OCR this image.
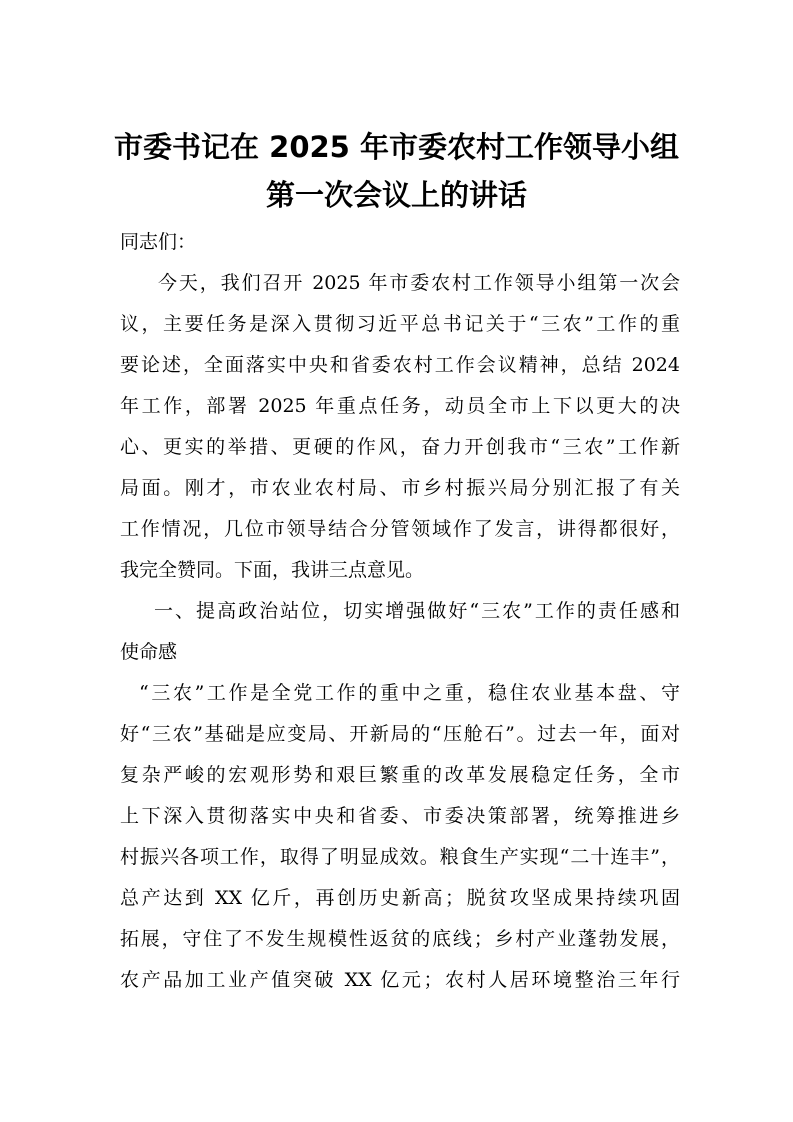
市委书记在 2025 年市委农村工作领导小组
第一次会议上的讲话
同志们：
今天，我们召开 2025 年市委农村工作领导小组第一次会
议，主要任务是深入贯彻习近平总书记关于“三农”工作的重
要论述，全面落实中央和省委农村工作会议精神，总结 2024
年工作，部署 2025 年重点任务，动员全市上下以更大的决
心、更实的举措、更硬的作风，奋力开创我市“三农”工作新
局面。刚才，市农业农村局、市乡村振兴局分别汇报了有关
工作情况，几位市领导结合分管领域作了发言，讲得都很好，
我完全赞同。下面，我讲三点意见。
一、提高政治站位，切实增强做好“三农”工作的责任感和
使命感
“三农”工作是全党工作的重中之重，稳住农业基本盘、守
好“三农”基础是应变局、开新局的“压舱石”。过去一年，面对
复杂严峻的宏观形势和艰巨繁重的改革发展稳定任务，全市
上下深入贯彻落实中央和省委、市委决策部署，统筹推进乡
村振兴各项工作，取得了明显成效。粮食生产实现“二十连丰”，
总产达到 XX 亿斤，再创历史新高；脱贫攻坚成果持续巩固
拓展，守住了不发生规模性返贫的底线；乡村产业蓬勃发展，
农产品加工业产值突破 XX 亿元；农村人居环境整治三年行
